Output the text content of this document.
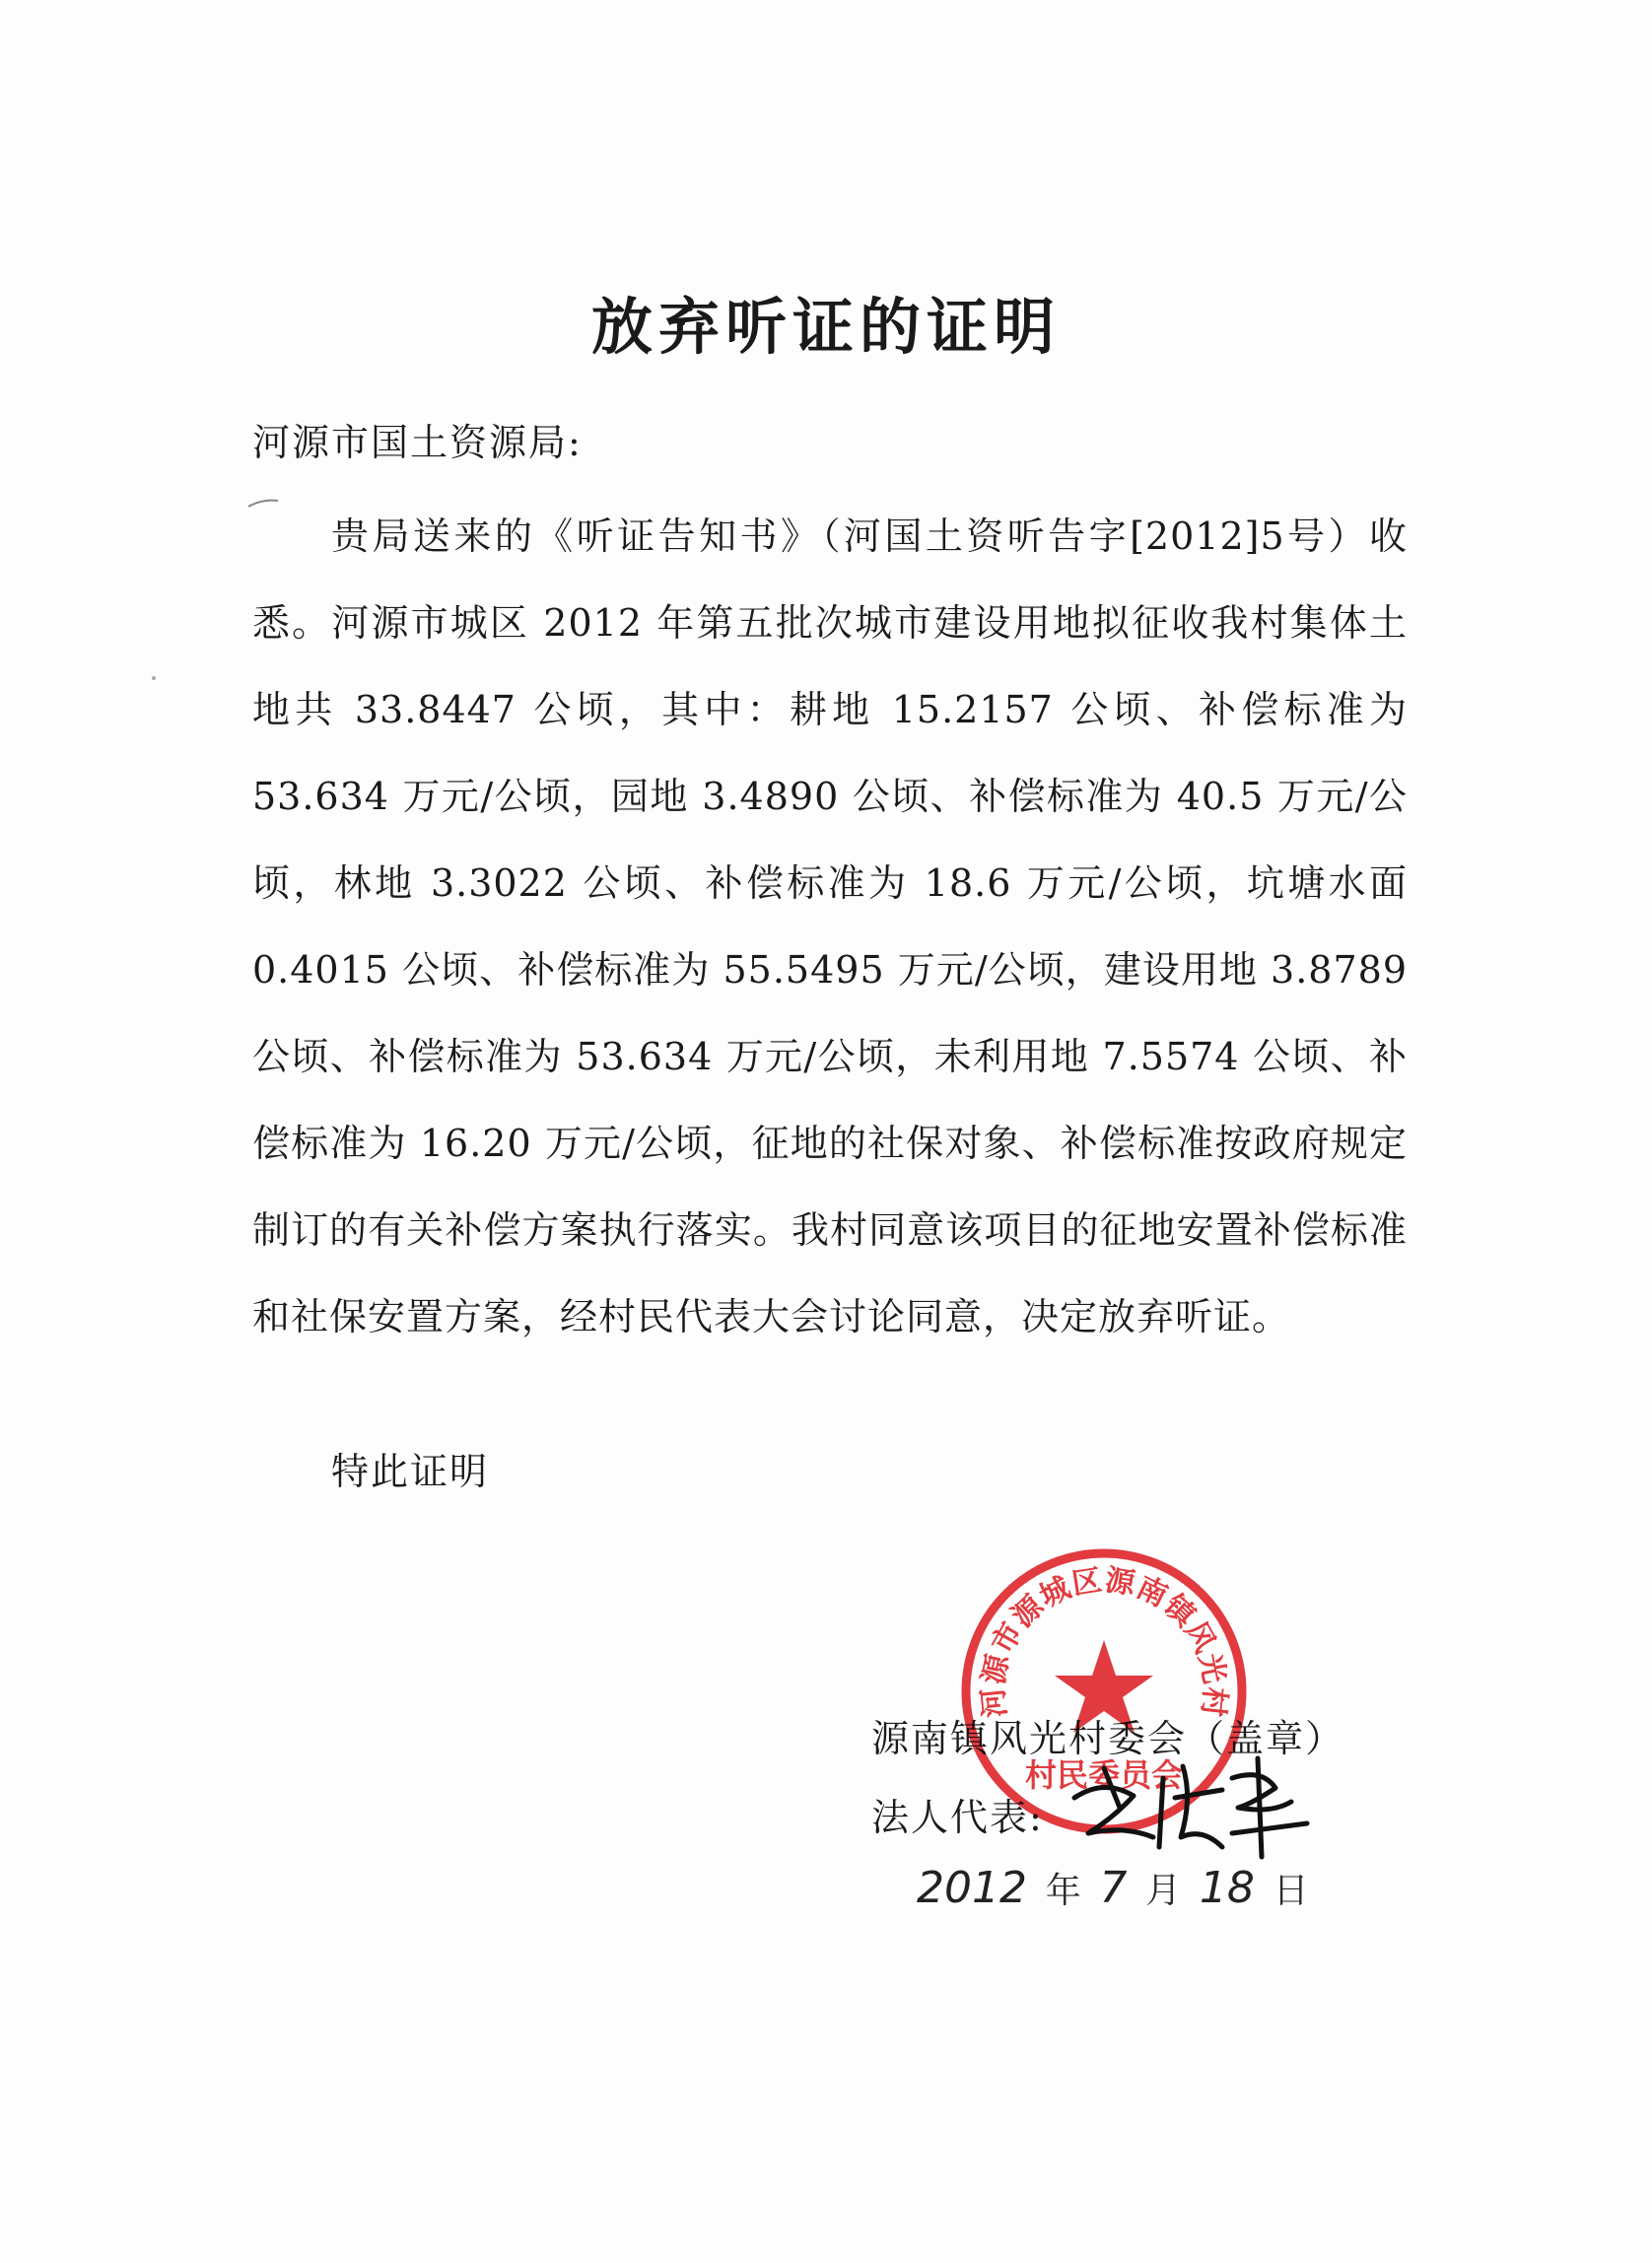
放弃听证的证明
河源市国土资源局:

贵局送来的《听证告知书》（河国土资听告字[2012]5号）收悉。河源市城区 2012 年第五批次城市建设用地拟征收我村集体土地共 33.8447 公顷，其中：耕地 15.2157 公顷、补偿标准为 53.634 万元/公顷，园地 3.4890 公顷、补偿标准为 40.5 万元/公顷，林地 3.3022 公顷、补偿标准为 18.6 万元/公顷，坑塘水面 0.4015 公顷、补偿标准为 55.5495 万元/公顷，建设用地 3.8789 公顷、补偿标准为 53.634 万元/公顷，未利用地 7.5574 公顷、补偿标准为 16.20 万元/公顷，征地的社保对象、补偿标准按政府规定制订的有关补偿方案执行落实。我村同意该项目的征地安置补偿标准和社保安置方案，经村民代表大会讨论同意，决定放弃听证。

特此证明
源南镇风光村委会（盖章）
法人代表:
2012 年 7 月 18 日
河源市源城区源南镇风光村
村民委员会
